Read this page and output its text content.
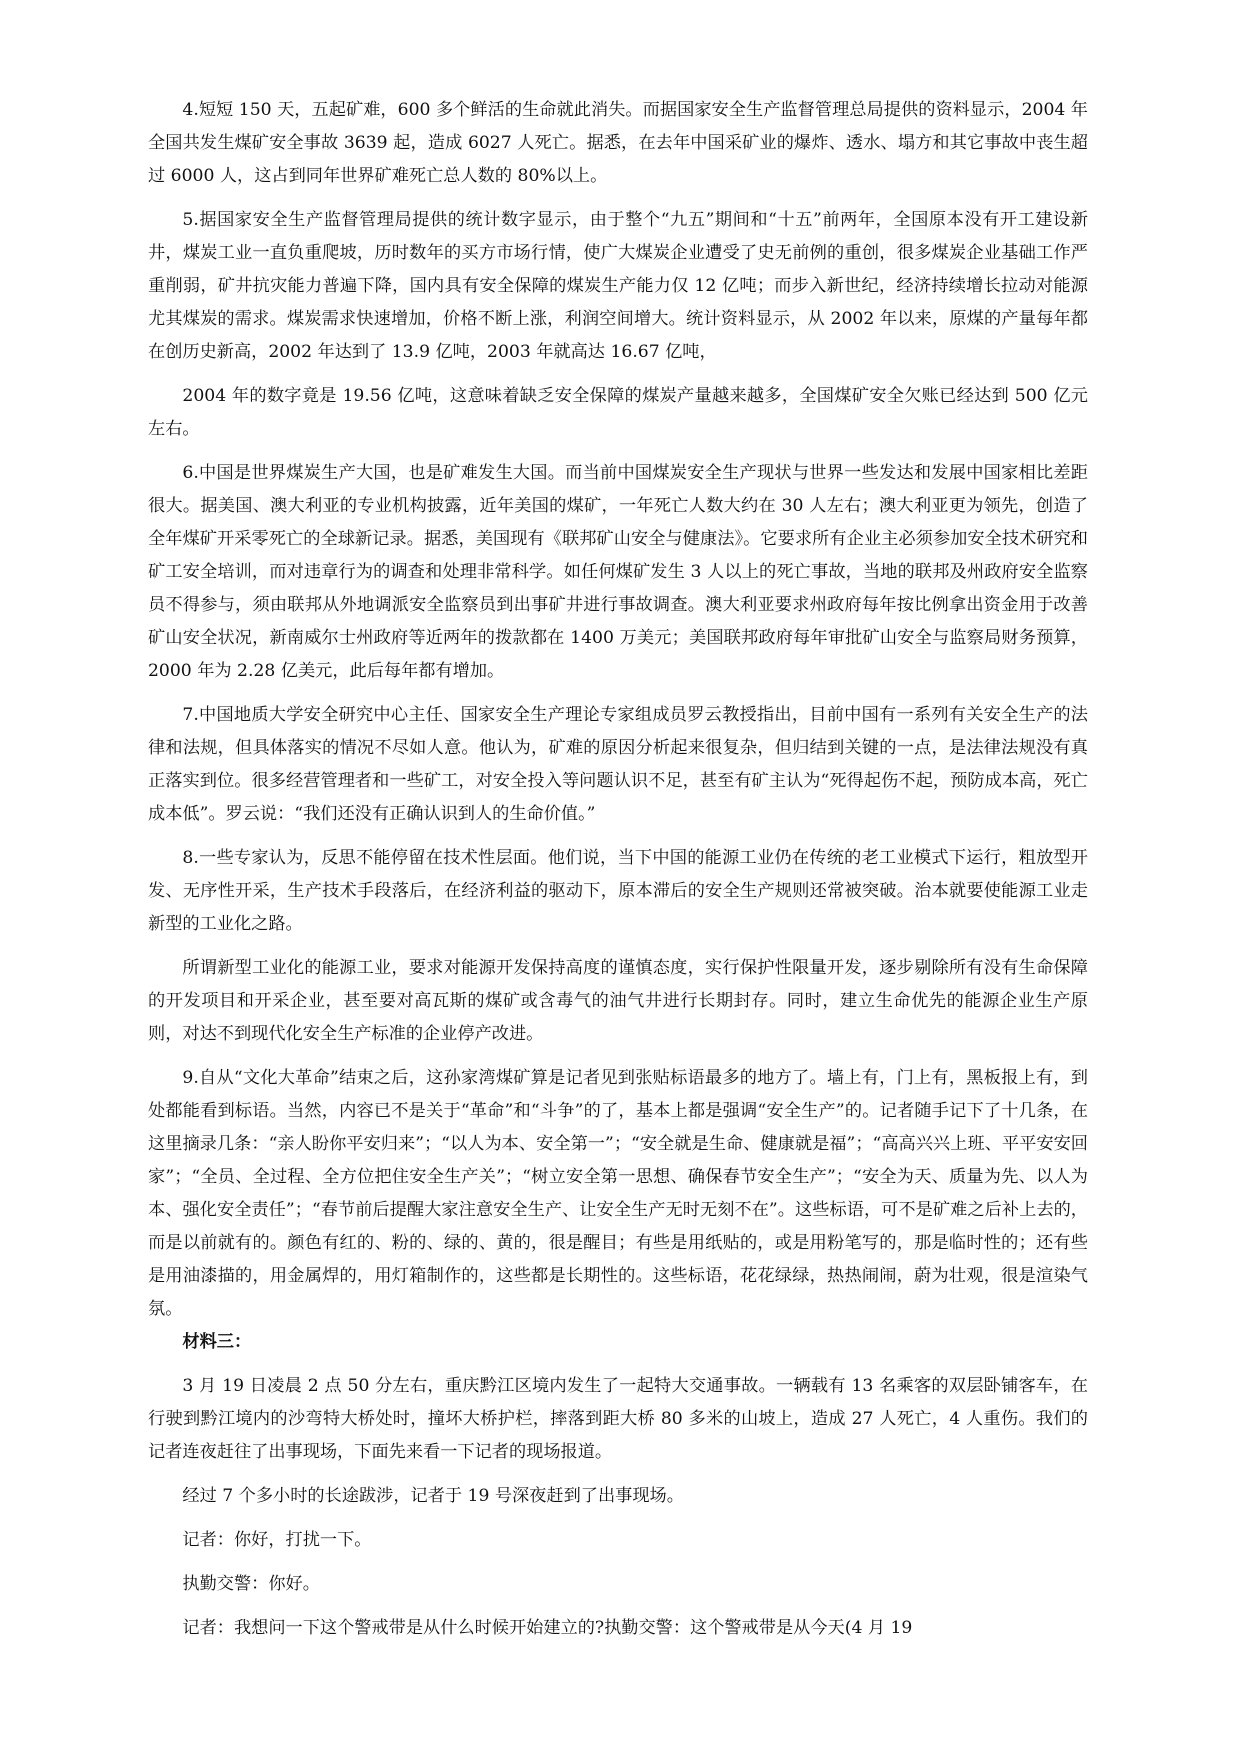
4.短短 150 天，五起矿难，600 多个鲜活的生命就此消失。而据国家安全生产监督管理总局提供的资料显示，2004 年全国共发生煤矿安全事故 3639 起，造成 6027 人死亡。据悉，在去年中国采矿业的爆炸、透水、塌方和其它事故中丧生超过 6000 人，这占到同年世界矿难死亡总人数的 80%以上。

5.据国家安全生产监督管理局提供的统计数字显示，由于整个“九五”期间和“十五”前两年，全国原本没有开工建设新井，煤炭工业一直负重爬坡，历时数年的买方市场行情，使广大煤炭企业遭受了史无前例的重创，很多煤炭企业基础工作严重削弱，矿井抗灾能力普遍下降，国内具有安全保障的煤炭生产能力仅 12 亿吨；而步入新世纪，经济持续增长拉动对能源尤其煤炭的需求。煤炭需求快速增加，价格不断上涨，利润空间增大。统计资料显示，从 2002 年以来，原煤的产量每年都在创历史新高，2002 年达到了 13.9 亿吨，2003 年就高达 16.67 亿吨，

2004 年的数字竟是 19.56 亿吨，这意味着缺乏安全保障的煤炭产量越来越多，全国煤矿安全欠账已经达到 500 亿元左右。

6.中国是世界煤炭生产大国，也是矿难发生大国。而当前中国煤炭安全生产现状与世界一些发达和发展中国家相比差距很大。据美国、澳大利亚的专业机构披露，近年美国的煤矿，一年死亡人数大约在 30 人左右；澳大利亚更为领先，创造了全年煤矿开采零死亡的全球新记录。据悉，美国现有《联邦矿山安全与健康法》。它要求所有企业主必须参加安全技术研究和矿工安全培训，而对违章行为的调查和处理非常科学。如任何煤矿发生 3 人以上的死亡事故，当地的联邦及州政府安全监察员不得参与，须由联邦从外地调派安全监察员到出事矿井进行事故调查。澳大利亚要求州政府每年按比例拿出资金用于改善矿山安全状况，新南威尔士州政府等近两年的拨款都在 1400 万美元；美国联邦政府每年审批矿山安全与监察局财务预算，2000 年为 2.28 亿美元，此后每年都有增加。

7.中国地质大学安全研究中心主任、国家安全生产理论专家组成员罗云教授指出，目前中国有一系列有关安全生产的法律和法规，但具体落实的情况不尽如人意。他认为，矿难的原因分析起来很复杂，但归结到关键的一点，是法律法规没有真正落实到位。很多经营管理者和一些矿工，对安全投入等问题认识不足，甚至有矿主认为“死得起伤不起，预防成本高，死亡成本低”。罗云说：“我们还没有正确认识到人的生命价值。”

8.一些专家认为，反思不能停留在技术性层面。他们说，当下中国的能源工业仍在传统的老工业模式下运行，粗放型开发、无序性开采，生产技术手段落后，在经济利益的驱动下，原本滞后的安全生产规则还常被突破。治本就要使能源工业走新型的工业化之路。

所谓新型工业化的能源工业，要求对能源开发保持高度的谨慎态度，实行保护性限量开发，逐步剔除所有没有生命保障的开发项目和开采企业，甚至要对高瓦斯的煤矿或含毒气的油气井进行长期封存。同时，建立生命优先的能源企业生产原则，对达不到现代化安全生产标准的企业停产改进。

9.自从“文化大革命”结束之后，这孙家湾煤矿算是记者见到张贴标语最多的地方了。墙上有，门上有，黑板报上有，到处都能看到标语。当然，内容已不是关于“革命”和“斗争”的了，基本上都是强调“安全生产”的。记者随手记下了十几条，在这里摘录几条：“亲人盼你平安归来”；“以人为本、安全第一”；“安全就是生命、健康就是福”；“高高兴兴上班、平平安安回家”；“全员、全过程、全方位把住安全生产关”；“树立安全第一思想、确保春节安全生产”；“安全为天、质量为先、以人为本、强化安全责任”；“春节前后提醒大家注意安全生产、让安全生产无时无刻不在”。这些标语，可不是矿难之后补上去的，而是以前就有的。颜色有红的、粉的、绿的、黄的，很是醒目；有些是用纸贴的，或是用粉笔写的，那是临时性的；还有些是用油漆描的，用金属焊的，用灯箱制作的，这些都是长期性的。这些标语，花花绿绿，热热闹闹，蔚为壮观，很是渲染气氛。

材料三：

3 月 19 日凌晨 2 点 50 分左右，重庆黔江区境内发生了一起特大交通事故。一辆载有 13 名乘客的双层卧铺客车，在行驶到黔江境内的沙弯特大桥处时，撞坏大桥护栏，摔落到距大桥 80 多米的山坡上，造成 27 人死亡，4 人重伤。我们的记者连夜赶往了出事现场，下面先来看一下记者的现场报道。

经过 7 个多小时的长途跋涉，记者于 19 号深夜赶到了出事现场。

记者：你好，打扰一下。

执勤交警：你好。

记者：我想问一下这个警戒带是从什么时候开始建立的?执勤交警：这个警戒带是从今天(4 月 19
